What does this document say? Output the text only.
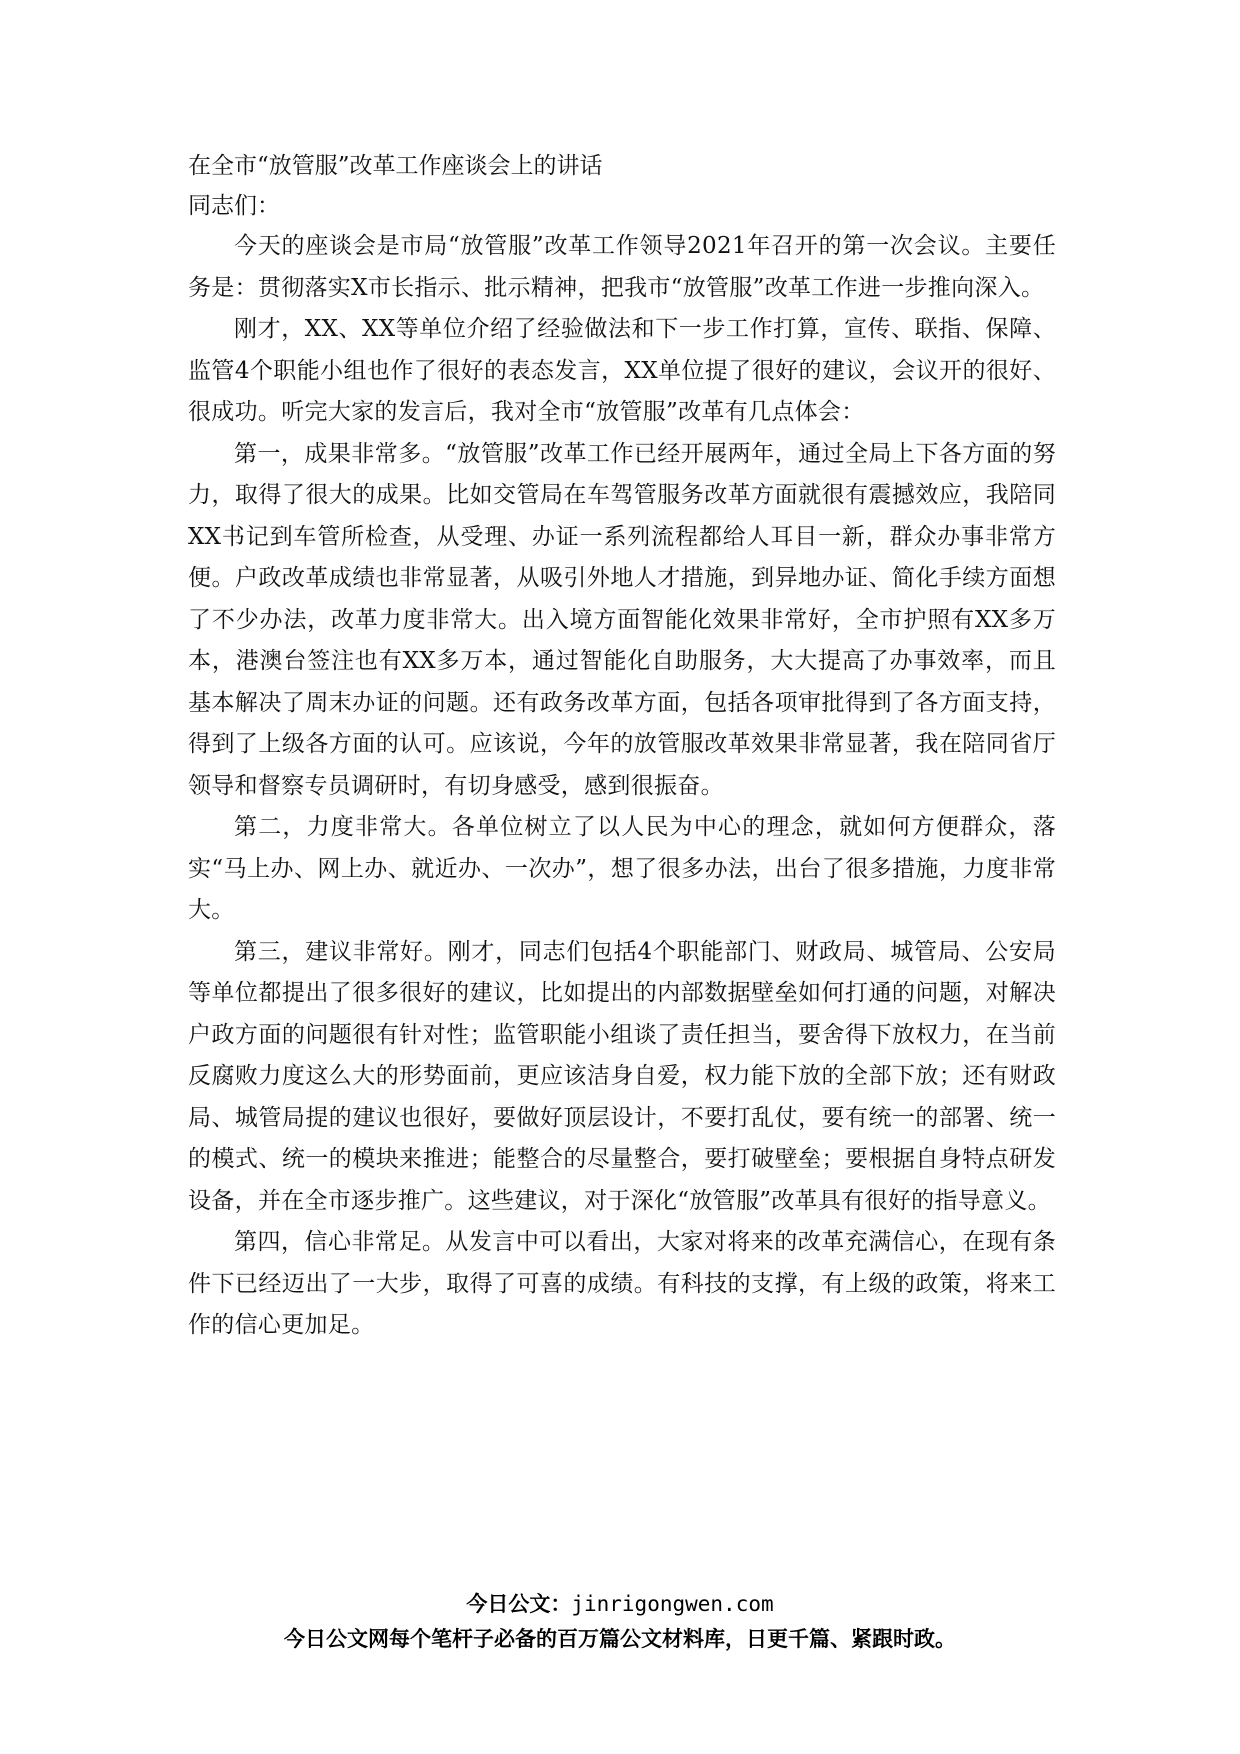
在全市“放管服”改革工作座谈会上的讲话

同志们：

今天的座谈会是市局“放管服”改革工作领导2021年召开的第一次会议。主要任务是：贯彻落实X市长指示、批示精神，把我市“放管服”改革工作进一步推向深入。

刚才，XX、XX等单位介绍了经验做法和下一步工作打算，宣传、联指、保障、监管4个职能小组也作了很好的表态发言，XX单位提了很好的建议，会议开的很好、很成功。听完大家的发言后，我对全市“放管服”改革有几点体会：

第一，成果非常多。“放管服”改革工作已经开展两年，通过全局上下各方面的努力，取得了很大的成果。比如交管局在车驾管服务改革方面就很有震撼效应，我陪同XX书记到车管所检查，从受理、办证一系列流程都给人耳目一新，群众办事非常方便。户政改革成绩也非常显著，从吸引外地人才措施，到异地办证、简化手续方面想了不少办法，改革力度非常大。出入境方面智能化效果非常好，全市护照有XX多万本，港澳台签注也有XX多万本，通过智能化自助服务，大大提高了办事效率，而且基本解决了周末办证的问题。还有政务改革方面，包括各项审批得到了各方面支持，得到了上级各方面的认可。应该说，今年的放管服改革效果非常显著，我在陪同省厅领导和督察专员调研时，有切身感受，感到很振奋。

第二，力度非常大。各单位树立了以人民为中心的理念，就如何方便群众，落实“马上办、网上办、就近办、一次办”，想了很多办法，出台了很多措施，力度非常大。

第三，建议非常好。刚才，同志们包括4个职能部门、财政局、城管局、公安局等单位都提出了很多很好的建议，比如提出的内部数据壁垒如何打通的问题，对解决户政方面的问题很有针对性；监管职能小组谈了责任担当，要舍得下放权力，在当前反腐败力度这么大的形势面前，更应该洁身自爱，权力能下放的全部下放；还有财政局、城管局提的建议也很好，要做好顶层设计，不要打乱仗，要有统一的部署、统一的模式、统一的模块来推进；能整合的尽量整合，要打破壁垒；要根据自身特点研发设备，并在全市逐步推广。这些建议，对于深化“放管服”改革具有很好的指导意义。

第四，信心非常足。从发言中可以看出，大家对将来的改革充满信心，在现有条件下已经迈出了一大步，取得了可喜的成绩。有科技的支撑，有上级的政策，将来工作的信心更加足。

今日公文：jinrigongwen.com
今日公文网每个笔杆子必备的百万篇公文材料库，日更千篇、紧跟时政。
